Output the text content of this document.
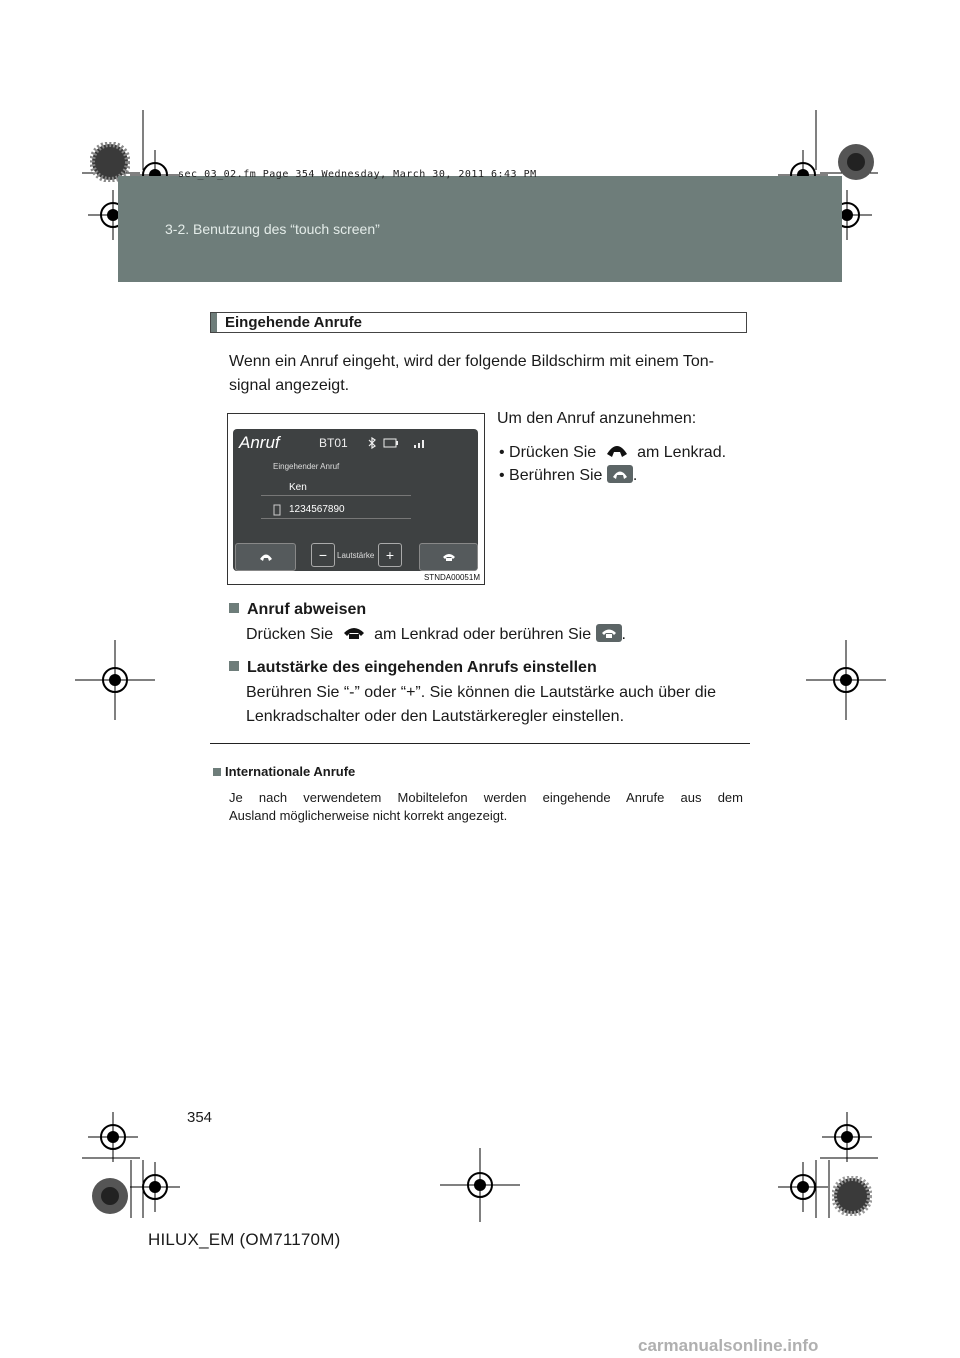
sec_03_02.fm Page 354 Wednesday, March 30, 2011 6:43 PM
3-2. Benutzung des “touch screen”
Eingehende Anrufe
Wenn ein Anruf eingeht, wird der folgende Bildschirm mit einem Ton-
signal angezeigt.
Anruf	BT01
Eingehender Anruf
Ken
1234567890
−	Lautstärke +
STNDA00051M
Um den Anruf anzunehmen:
• Drücken Sie	am Lenkrad.
• Berühren Sie .
Anruf abweisen
Drücken Sie	am Lenkrad oder berühren Sie .
Lautstärke des eingehenden Anrufs einstellen
Berühren Sie “-” oder “+”. Sie können die Lautstärke auch über die
Lenkradschalter oder den Lautstärkeregler einstellen.
Internationale Anrufe
Je nach verwendetem Mobiltelefon werden eingehende Anrufe aus dem
Ausland möglicherweise nicht korrekt angezeigt.
354
HILUX_EM (OM71170M)
carmanualsonline.info
